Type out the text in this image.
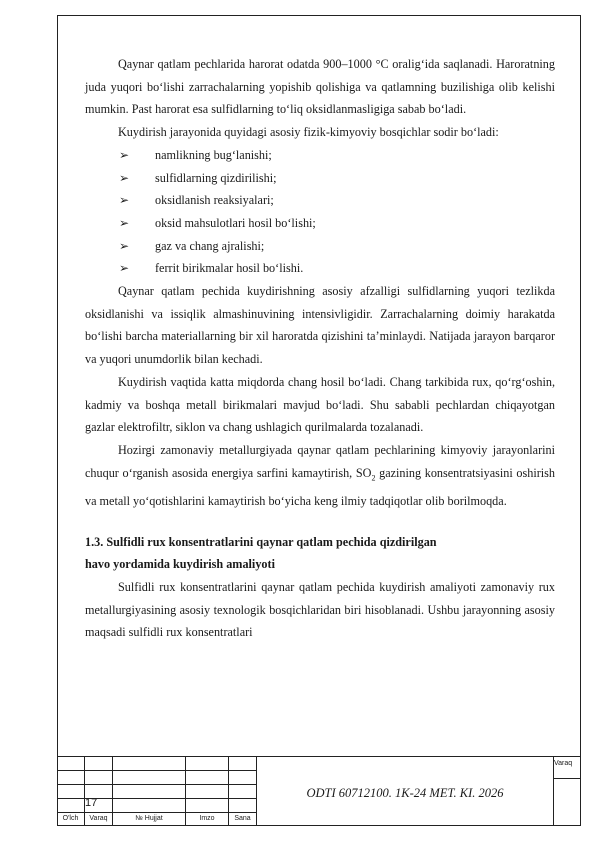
Qaynar qatlam pechlarida harorat odatda 900–1000 °C oralig‘ida saqlanadi. Haroratning juda yuqori bo‘lishi zarrachalarning yopishib qolishiga va qatlamning buzilishiga olib kelishi mumkin. Past harorat esa sulfidlarning to‘liq oksidlanmasligiga sabab bo‘ladi.

Kuydirish jarayonida quyidagi asosiy fizik-kimyoviy bosqichlar sodir bo‘ladi:

➢ namlikning bug‘lanishi;
➢ sulfidlarning qizdirilishi;
➢ oksidlanish reaksiyalari;
➢ oksid mahsulotlari hosil bo‘lishi;
➢ gaz va chang ajralishi;
➢ ferrit birikmalar hosil bo‘lishi.

Qaynar qatlam pechida kuydirishning asosiy afzalligi sulfidlarning yuqori tezlikda oksidlanishi va issiqlik almashinuvining intensivligidir. Zarrachalarning doimiy harakatda bo‘lishi barcha materiallarning bir xil haroratda qizishini ta’minlaydi. Natijada jarayon barqaror va yuqori unumdorlik bilan kechadi.

Kuydirish vaqtida katta miqdorda chang hosil bo‘ladi. Chang tarkibida rux, qo‘rg‘oshin, kadmiy va boshqa metall birikmalari mavjud bo‘ladi. Shu sababli pechlardan chiqayotgan gazlar elektrofiltr, siklon va chang ushlagich qurilmalarda tozalanadi.

Hozirgi zamonaviy metallurgiyada qaynar qatlam pechlarining kimyoviy jarayonlarini chuqur o‘rganish asosida energiya sarfini kamaytirish, $SO_2$ gazining konsentratsiyasini oshirish va metall yo‘qotishlarini kamaytirish bo‘yicha keng ilmiy tadqiqotlar olib borilmoqda.

1.3. Sulfidli rux konsentratlarini qaynar qatlam pechida qizdirilgan
havo yordamida kuydirish amaliyoti

Sulfidli rux konsentratlarini qaynar qatlam pechida kuydirish amaliyoti zamonaviy rux metallurgiyasining asosiy texnologik bosqichlaridan biri hisoblanadi. Ushbu jarayonning asosiy maqsadi sulfidli rux konsentratlari

17
ODTI 60712100. 1K-24 MET. KI. 2026
Varaq
O'lch	Varaq	№ Hujjat	Imzo	Sana
